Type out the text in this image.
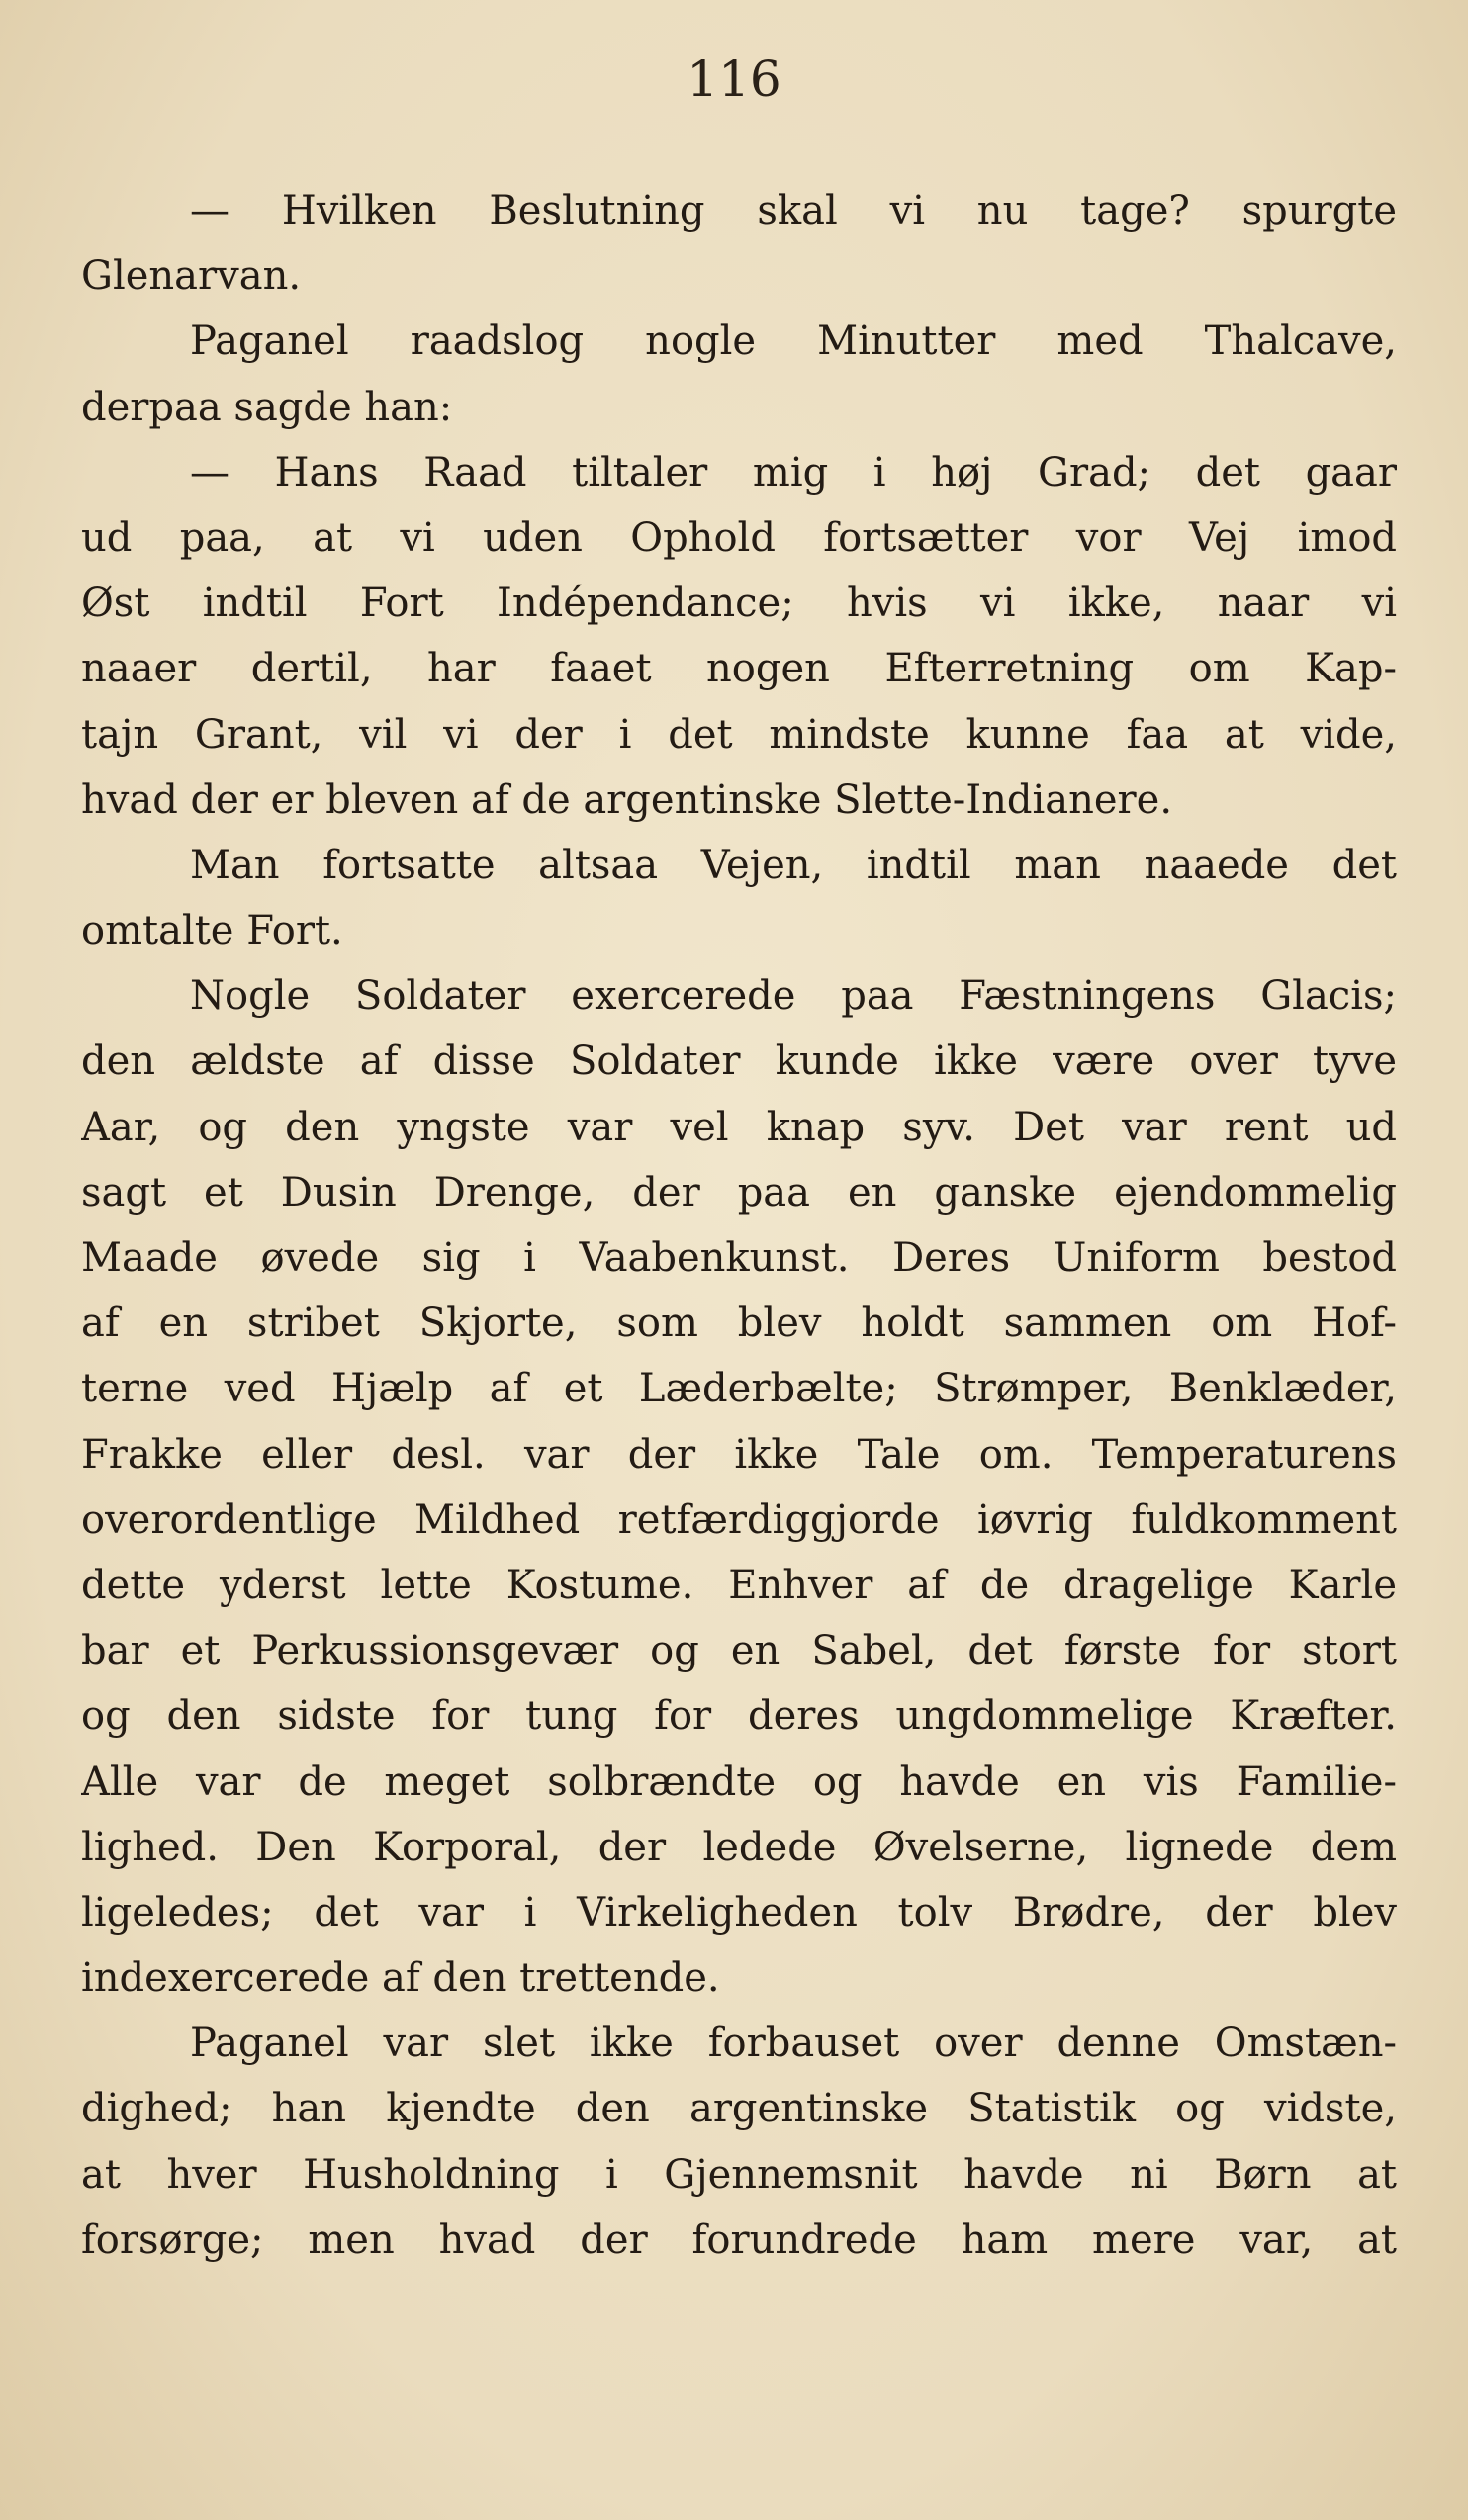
116
— Hvilken Beslutning skal vi nu tage? spurgte
Glenarvan.
Paganel raadslog nogle Minutter med Thalcave,
derpaa sagde han:
— Hans Raad tiltaler mig i høj Grad; det gaar
ud paa, at vi uden Ophold fortsætter vor Vej imod
Øst indtil Fort Indépendance; hvis vi ikke, naar vi
naaer dertil, har faaet nogen Efterretning om Kap-
tajn Grant, vil vi der i det mindste kunne faa at vide,
hvad der er bleven af de argentinske Slette-Indianere.
Man fortsatte altsaa Vejen, indtil man naaede det
omtalte Fort.
Nogle Soldater exercerede paa Fæstningens Glacis;
den ældste af disse Soldater kunde ikke være over tyve
Aar, og den yngste var vel knap syv. Det var rent ud
sagt et Dusin Drenge, der paa en ganske ejendommelig
Maade øvede sig i Vaabenkunst. Deres Uniform bestod
af en stribet Skjorte, som blev holdt sammen om Hof-
terne ved Hjælp af et Læderbælte; Strømper, Benklæder,
Frakke eller desl. var der ikke Tale om. Temperaturens
overordentlige Mildhed retfærdiggjorde iøvrig fuldkomment
dette yderst lette Kostume. Enhver af de dragelige Karle
bar et Perkussionsgevær og en Sabel, det første for stort
og den sidste for tung for deres ungdommelige Kræfter.
Alle var de meget solbrændte og havde en vis Familie-
lighed. Den Korporal, der ledede Øvelserne, lignede dem
ligeledes; det var i Virkeligheden tolv Brødre, der blev
indexercerede af den trettende.
Paganel var slet ikke forbauset over denne Omstæn-
dighed; han kjendte den argentinske Statistik og vidste,
at hver Husholdning i Gjennemsnit havde ni Børn at
forsørge; men hvad der forundrede ham mere var, at
